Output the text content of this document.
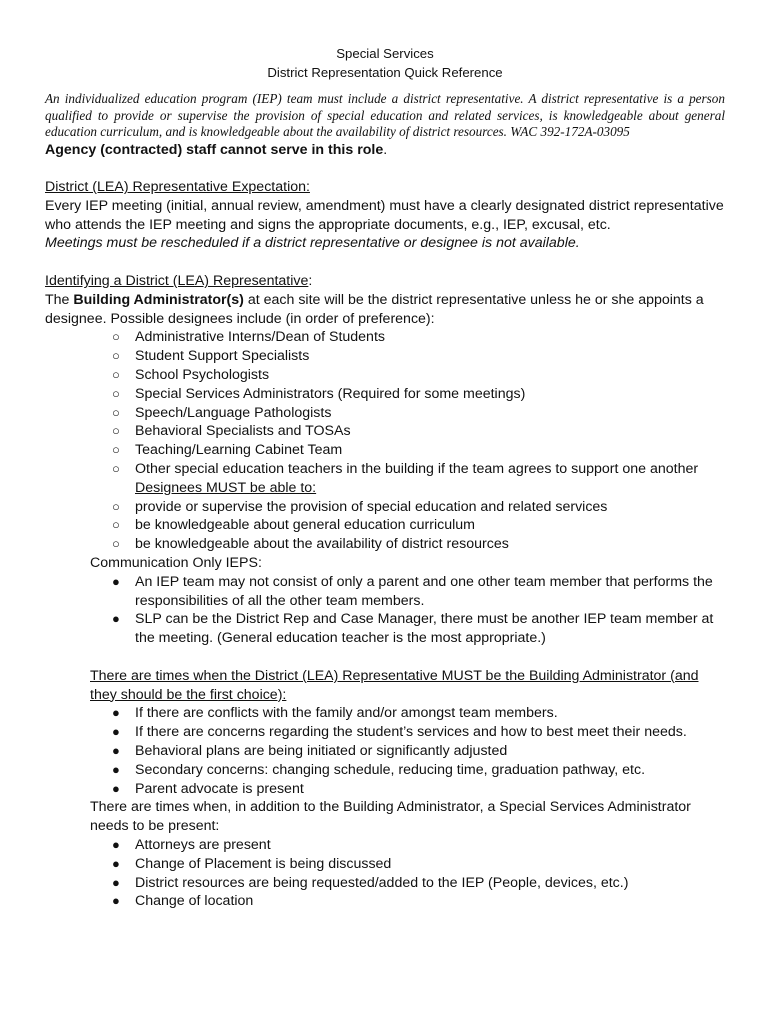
Special Services
District Representation Quick Reference
An individualized education program (IEP) team must include a district representative. A district representative is a person qualified to provide or supervise the provision of special education and related services, is knowledgeable about general education curriculum, and is knowledgeable about the availability of district resources. WAC 392-172A-03095

Agency (contracted) staff cannot serve in this role.

District (LEA) Representative Expectation:

Every IEP meeting (initial, annual review, amendment) must have a clearly designated district representative who attends the IEP meeting and signs the appropriate documents, e.g., IEP, excusal, etc.

Meetings must be rescheduled if a district representative or designee is not available.

Identifying a District (LEA) Representative:

The Building Administrator(s) at each site will be the district representative unless he or she appoints a designee. Possible designees include (in order of preference):

○ Administrative Interns/Dean of Students
○ Student Support Specialists
○ School Psychologists
○ Special Services Administrators (Required for some meetings)
○ Speech/Language Pathologists
○ Behavioral Specialists and TOSAs
○ Teaching/Learning Cabinet Team
○ Other special education teachers in the building if the team agrees to support one another

Designees MUST be able to:

○ provide or supervise the provision of special education and related services
○ be knowledgeable about general education curriculum
○ be knowledgeable about the availability of district resources

Communication Only IEPS:

● An IEP team may not consist of only a parent and one other team member that performs the responsibilities of all the other team members.
● SLP can be the District Rep and Case Manager, there must be another IEP team member at the meeting. (General education teacher is the most appropriate.)

There are times when the District (LEA) Representative MUST be the Building Administrator (and they should be the first choice):

● If there are conflicts with the family and/or amongst team members.
● If there are concerns regarding the student’s services and how to best meet their needs.
● Behavioral plans are being initiated or significantly adjusted
● Secondary concerns: changing schedule, reducing time, graduation pathway, etc.
● Parent advocate is present

There are times when, in addition to the Building Administrator, a Special Services Administrator needs to be present:

● Attorneys are present
● Change of Placement is being discussed
● District resources are being requested/added to the IEP (People, devices, etc.)
● Change of location
